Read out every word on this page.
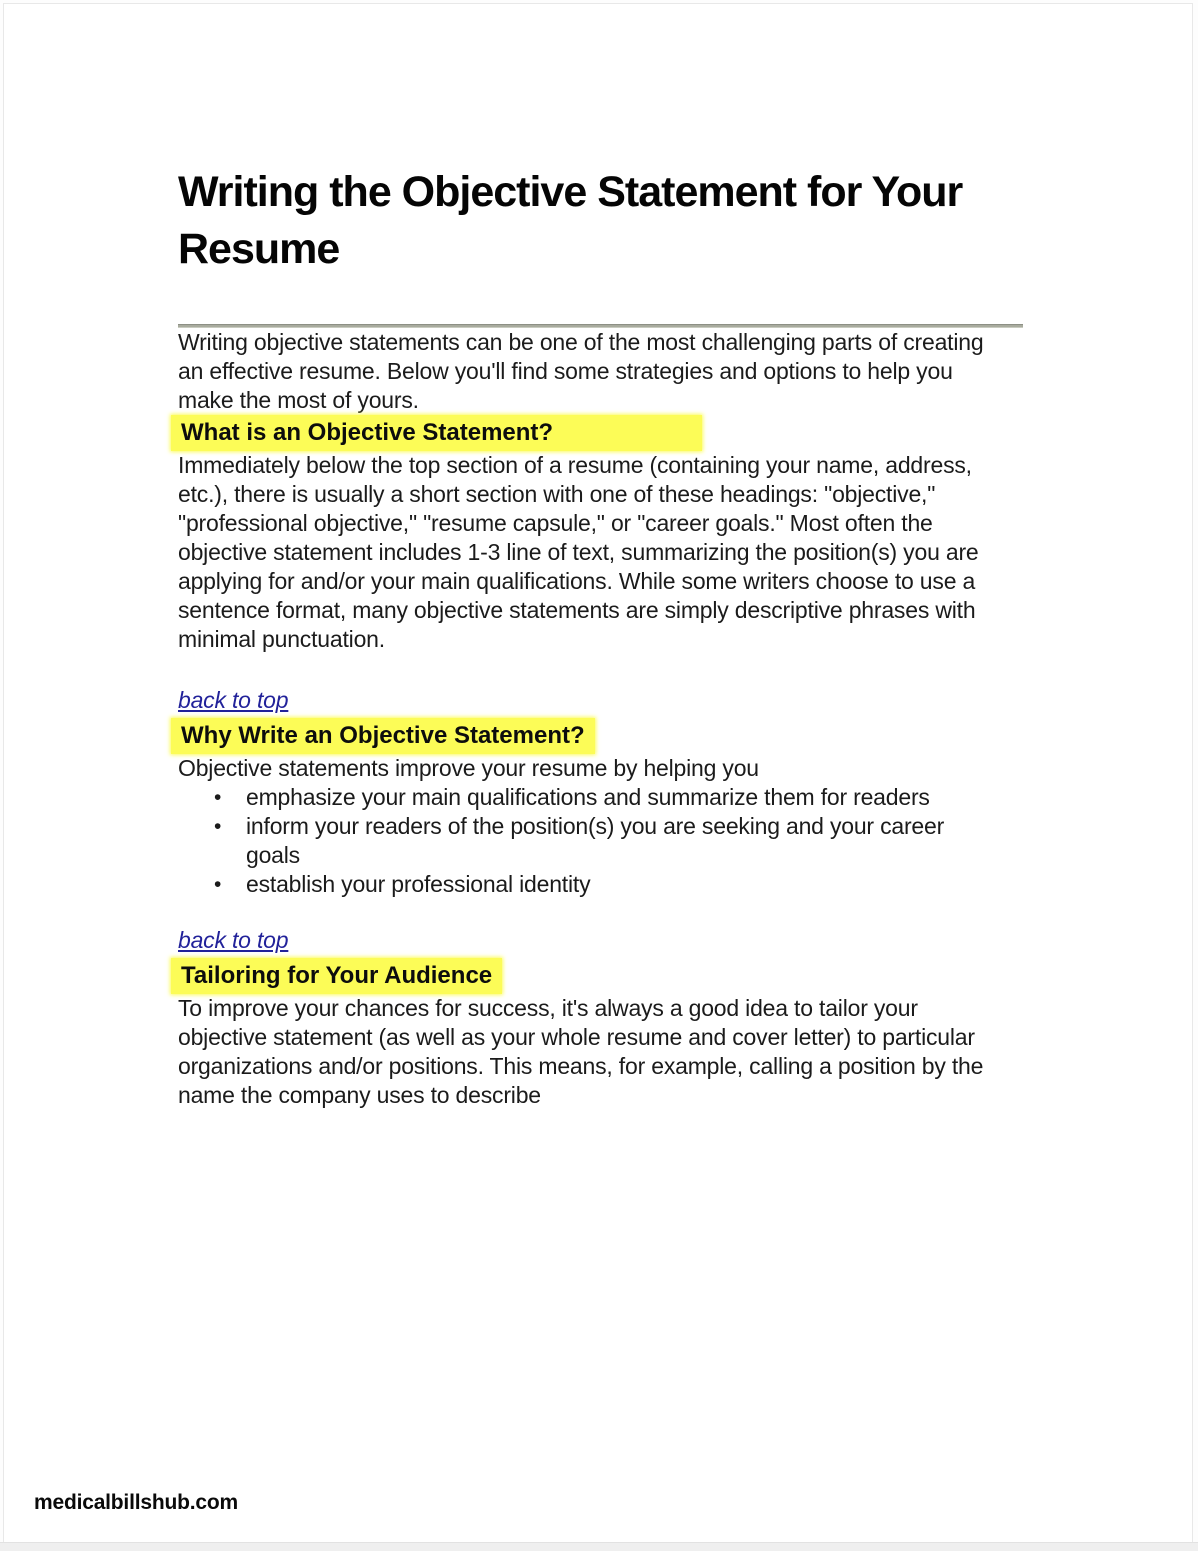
Writing the Objective Statement for Your Resume

Writing objective statements can be one of the most challenging parts of creating an effective resume. Below you'll find some strategies and options to help you make the most of yours.

What is an Objective Statement?

Immediately below the top section of a resume (containing your name, address, etc.), there is usually a short section with one of these headings: "objective," "professional objective," "resume capsule," or "career goals." Most often the objective statement includes 1-3 line of text, summarizing the position(s) you are applying for and/or your main qualifications. While some writers choose to use a sentence format, many objective statements are simply descriptive phrases with minimal punctuation.

back to top
Why Write an Objective Statement?

Objective statements improve your resume by helping you

• emphasize your main qualifications and summarize them for readers
• inform your readers of the position(s) you are seeking and your career goals
• establish your professional identity
back to top
Tailoring for Your Audience

To improve your chances for success, it's always a good idea to tailor your objective statement (as well as your whole resume and cover letter) to particular organizations and/or positions. This means, for example, calling a position by the name the company uses to describe

medicalbillshub.com
